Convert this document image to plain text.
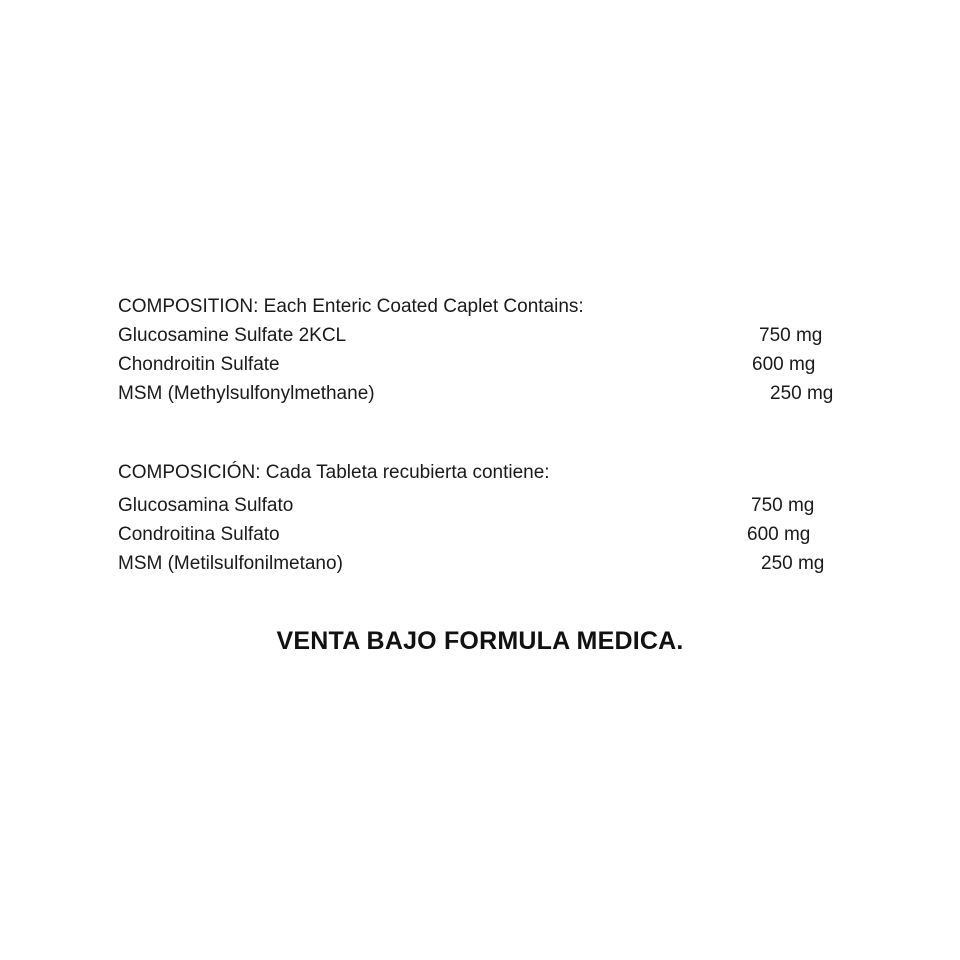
COMPOSITION: Each Enteric Coated Caplet Contains:
Glucosamine Sulfate 2KCL	750 mg
Chondroitin Sulfate	600 mg
MSM (Methylsulfonylmethane)	250 mg
COMPOSICIÓN: Cada Tableta recubierta contiene:
Glucosamina Sulfato	750 mg
Condroitina Sulfato	600 mg
MSM (Metilsulfonilmetano)	250 mg
VENTA BAJO FORMULA MEDICA.
